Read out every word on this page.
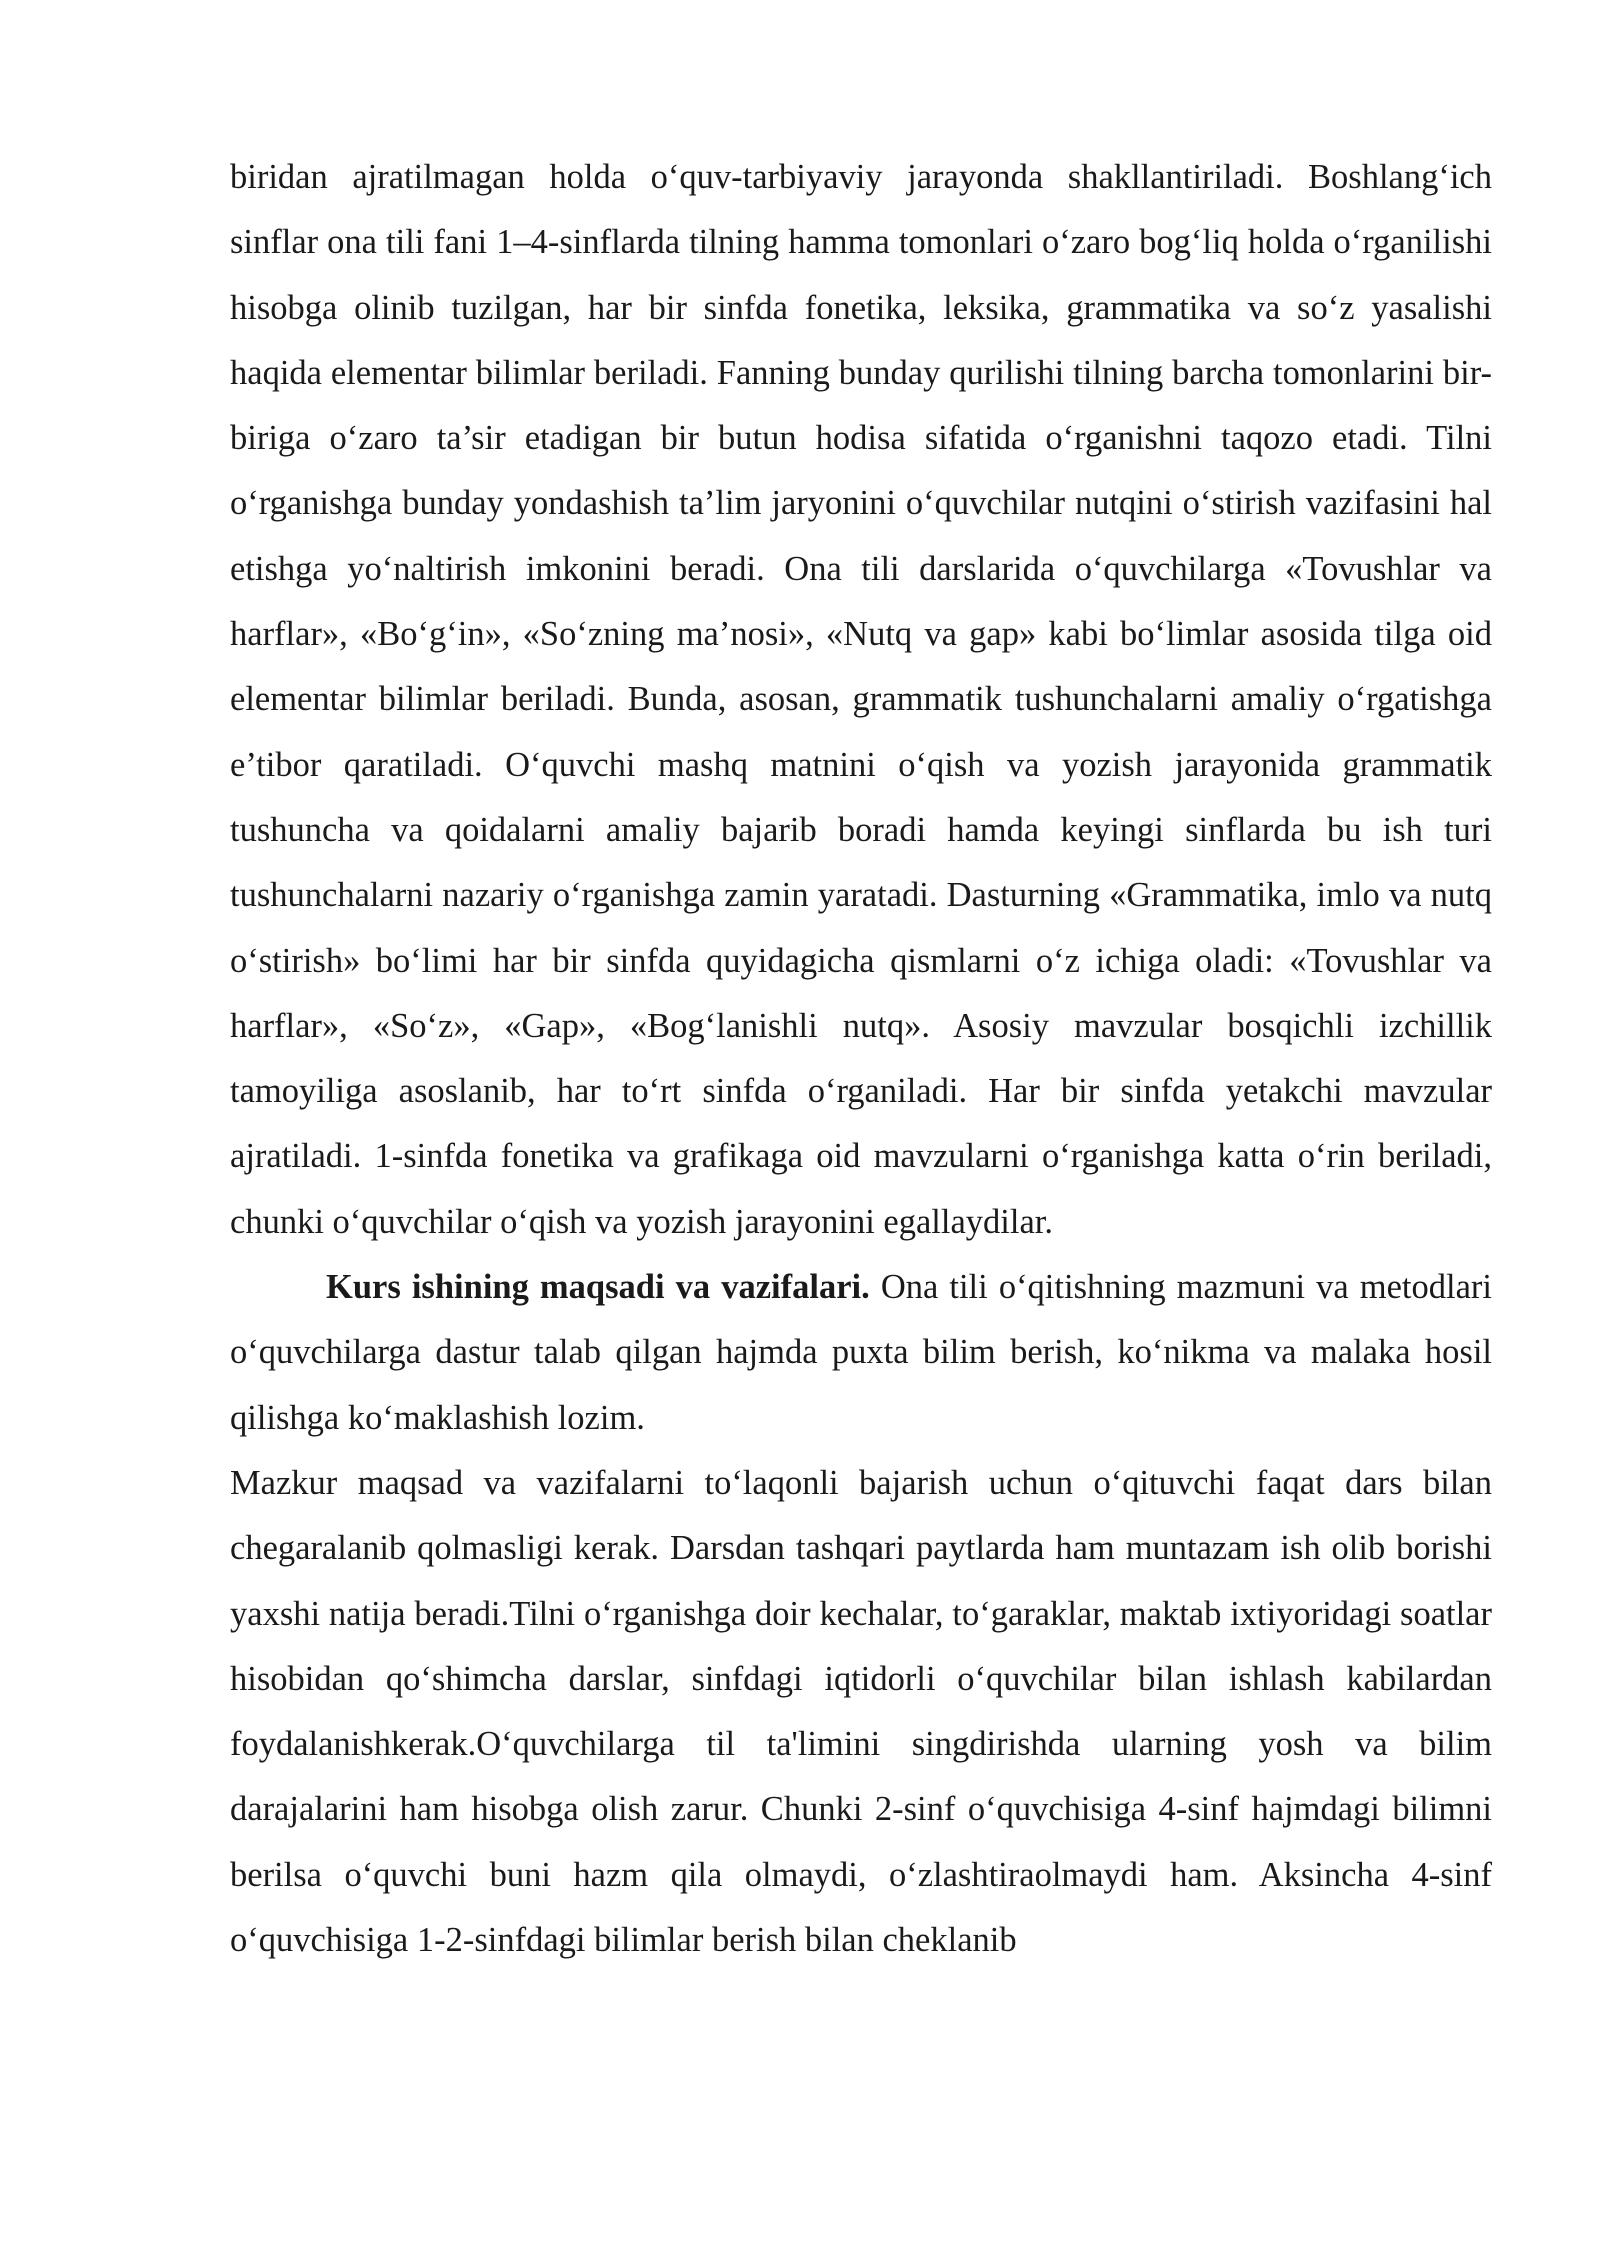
biridan ajratilmagan holda o‘quv-tarbiyaviy jarayonda shakllantiriladi. Boshlang‘ich sinflar ona tili fani 1–4-sinflarda tilning hamma tomonlari o‘zaro bog‘liq holda o‘rganilishi hisobga olinib tuzilgan, har bir sinfda fonetika, leksika, grammatika va so‘z yasalishi haqida elementar bilimlar beriladi. Fanning bunday qurilishi tilning barcha tomonlarini bir-biriga o‘zaro ta’sir etadigan bir butun hodisa sifatida o‘rganishni taqozo etadi. Tilni o‘rganishga bunday yondashish ta’lim jaryonini o‘quvchilar nutqini o‘stirish vazifasini hal etishga yo‘naltirish imkonini beradi. Ona tili darslarida o‘quvchilarga «Tovushlar va harflar», «Bo‘g‘in», «So‘zning ma’nosi», «Nutq va gap» kabi bo‘limlar asosida tilga oid elementar bilimlar beriladi. Bunda, asosan, grammatik tushunchalarni amaliy o‘rgatishga e’tibor qaratiladi. O‘quvchi mashq matnini o‘qish va yozish jarayonida grammatik tushuncha va qoidalarni amaliy bajarib boradi hamda keyingi sinflarda bu ish turi tushunchalarni nazariy o‘rganishga zamin yaratadi. Dasturning «Grammatika, imlo va nutq o‘stirish» bo‘limi har bir sinfda quyidagicha qismlarni o‘z ichiga oladi: «Tovushlar va harflar», «So‘z», «Gap», «Bog‘lanishli nutq». Asosiy mavzular bosqichli izchillik tamoyiliga asoslanib, har to‘rt sinfda o‘rganiladi. Har bir sinfda yetakchi mavzular ajratiladi. 1-sinfda fonetika va grafikaga oid mavzularni o‘rganishga katta o‘rin beriladi, chunki o‘quvchilar o‘qish va yozish jarayonini egallaydilar.

Kurs ishining maqsadi va vazifalari. Ona tili o‘qitishning mazmuni va metodlari o‘quvchilarga dastur talab qilgan hajmda puxta bilim berish, ko‘nikma va malaka hosil qilishga ko‘maklashish lozim.

Mazkur maqsad va vazifalarni to‘laqonli bajarish uchun o‘qituvchi faqat dars bilan chegaralanib qolmasligi kerak. Darsdan tashqari paytlarda ham muntazam ish olib borishi yaxshi natija beradi.Tilni o‘rganishga doir kechalar, to‘garaklar, maktab ixtiyoridagi soatlar hisobidan qo‘shimcha darslar, sinfdagi iqtidorli o‘quvchilar bilan ishlash kabilardan foydalanishkerak.O‘quvchilarga til ta'limini singdirishda ularning yosh va bilim darajalarini ham hisobga olish zarur. Chunki 2-sinf o‘quvchisiga 4-sinf hajmdagi bilimni berilsa o‘quvchi buni hazm qila olmaydi, o‘zlashtiraolmaydi ham. Aksincha 4-sinf o‘quvchisiga 1-2-sinfdagi bilimlar berish bilan cheklanib
